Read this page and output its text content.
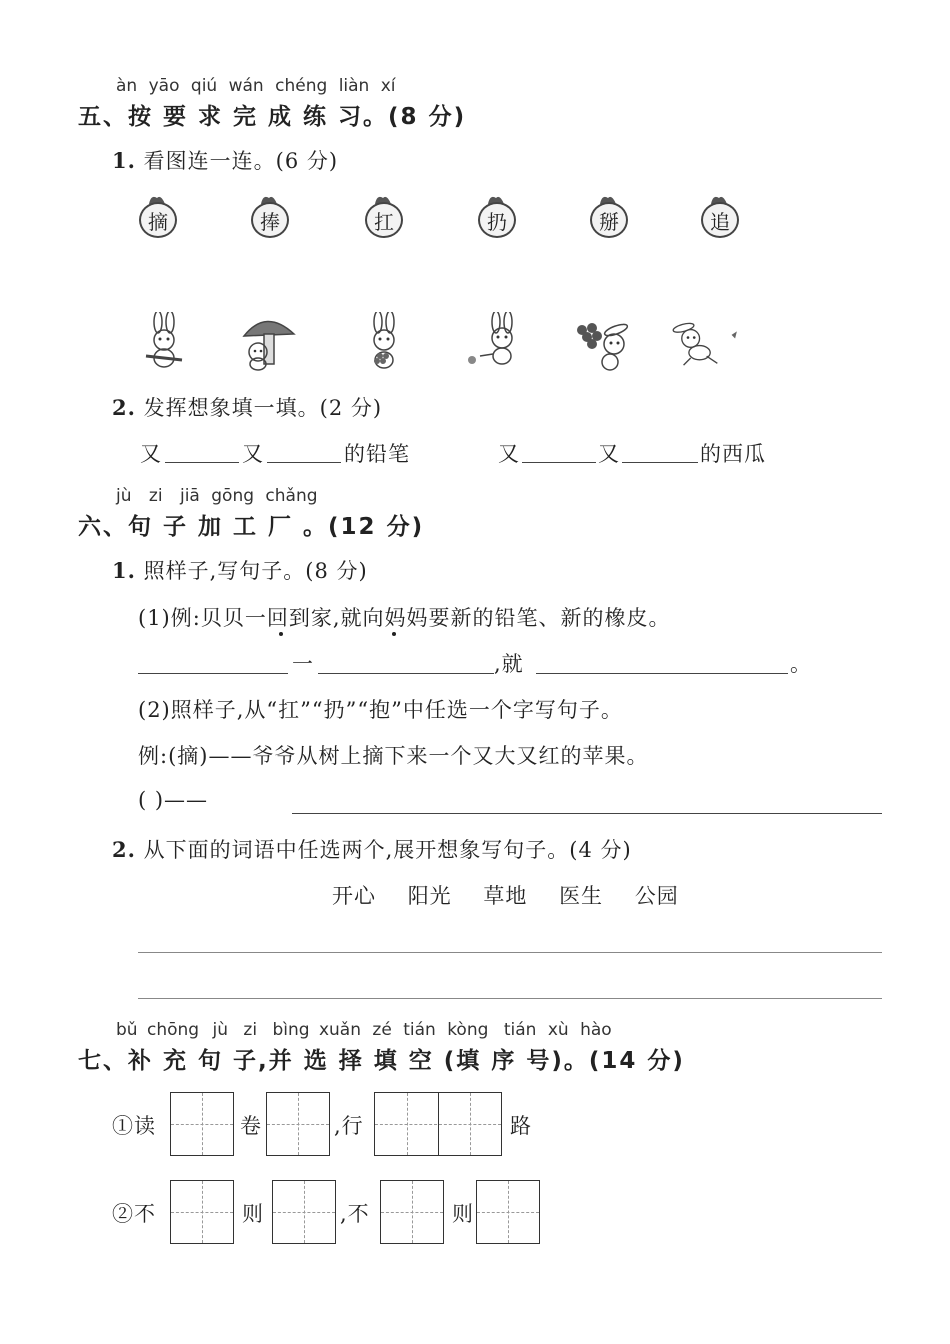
àn yāo qiú wán chéng liàn xí
五、按 要 求 完 成 练 习。(8 分)
1. 看图连一连。(6 分)
摘	捧	扛	扔	掰	追
2. 发挥想象填一填。(2 分)
又	又	的铅笔	又	又	的西瓜
jù zi jiā gōng chǎng
六、句 子 加 工 厂 。(12 分)
1. 照样子,写句子。(8 分)
(1)例:贝贝一回到家,就向妈妈要新的铅笔、新的橡皮。
一	,就	。
(2)照样子,从“扛”“扔”“抱”中任选一个字写句子。
例:(摘)——爷爷从树上摘下来一个又大又红的苹果。
( )——
2. 从下面的词语中任选两个,展开想象写句子。(4 分)
开心 阳光 草地 医生 公园
bǔ chōng jù zi bìng xuǎn zé tián kòng tián xù hào
七、补 充 句 子,并 选 择 填 空 (填 序 号)。(14 分)
①读	卷	,行	路
②不	则	,不	则
